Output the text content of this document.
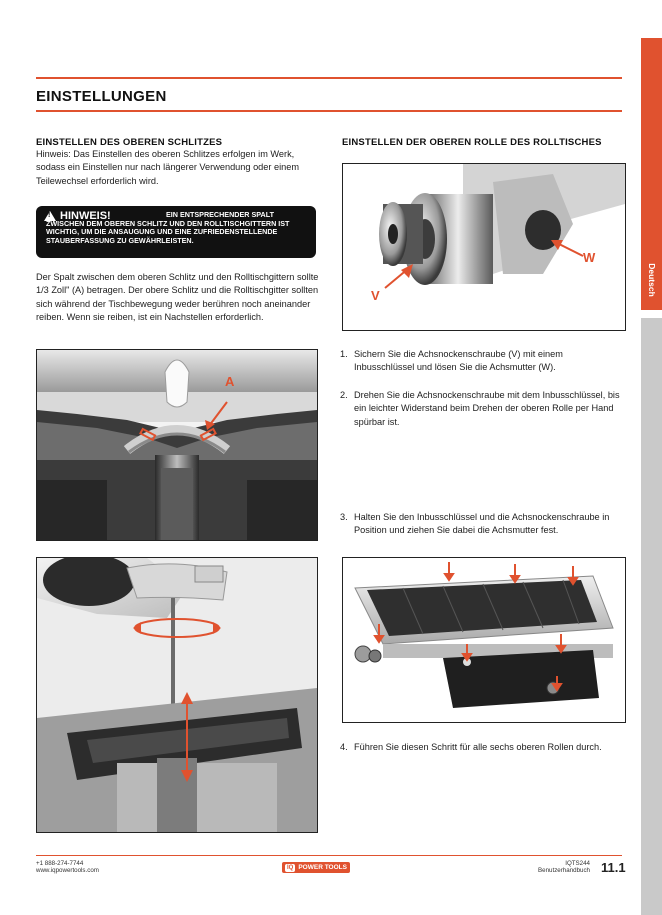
Deutsch
EINSTELLUNGEN
EINSTELLEN DES OBEREN SCHLITZES
Hinweis: Das Einstellen des oberen Schlitzes erfolgen im Werk, sodass ein Einstellen nur nach längerer Verwendung oder einem Teilewechsel erforderlich wird.
EIN ENTSPRECHENDER SPALT ZWISCHEN DEM OBEREN SCHLITZ UND DEN ROLLTISCHGITTERN IST WICHTIG, UM DIE ANSAUGUNG UND EINE ZUFRIEDENSTELLENDE STAUBERFASSUNG ZU GEWÄHRLEISTEN.
!
HINWEIS!
Der Spalt zwischen dem oberen Schlitz und den Rolltischgittern sollte 1/3 Zoll" (A) betragen. Der obere Schlitz und die Rolltischgitter sollten sich während der Tischbewegung weder berühren noch aneinander reiben. Wenn sie reiben, ist ein Nachstellen erforderlich.
A
EINSTELLEN DER OBEREN ROLLE DES ROLLTISCHES
V
W
1. Sichern Sie die Achsnockenschraube (V) mit einem Inbusschlüssel und lösen Sie die Achsmutter (W).
2. Drehen Sie die Achsnockenschraube mit dem Inbusschlüssel, bis ein leichter Widerstand beim Drehen der oberen Rolle per Hand spürbar ist.
3. Halten Sie den Inbusschlüssel und die Achsnockenschraube in Position und ziehen Sie dabei die Achsmutter fest.
4. Führen Sie diesen Schritt für alle sechs oberen Rollen durch.
+1 888-274-7744
www.iqpowertools.com	IQ POWER TOOLS
IQTS244
Benutzerhandbuch 11.1
